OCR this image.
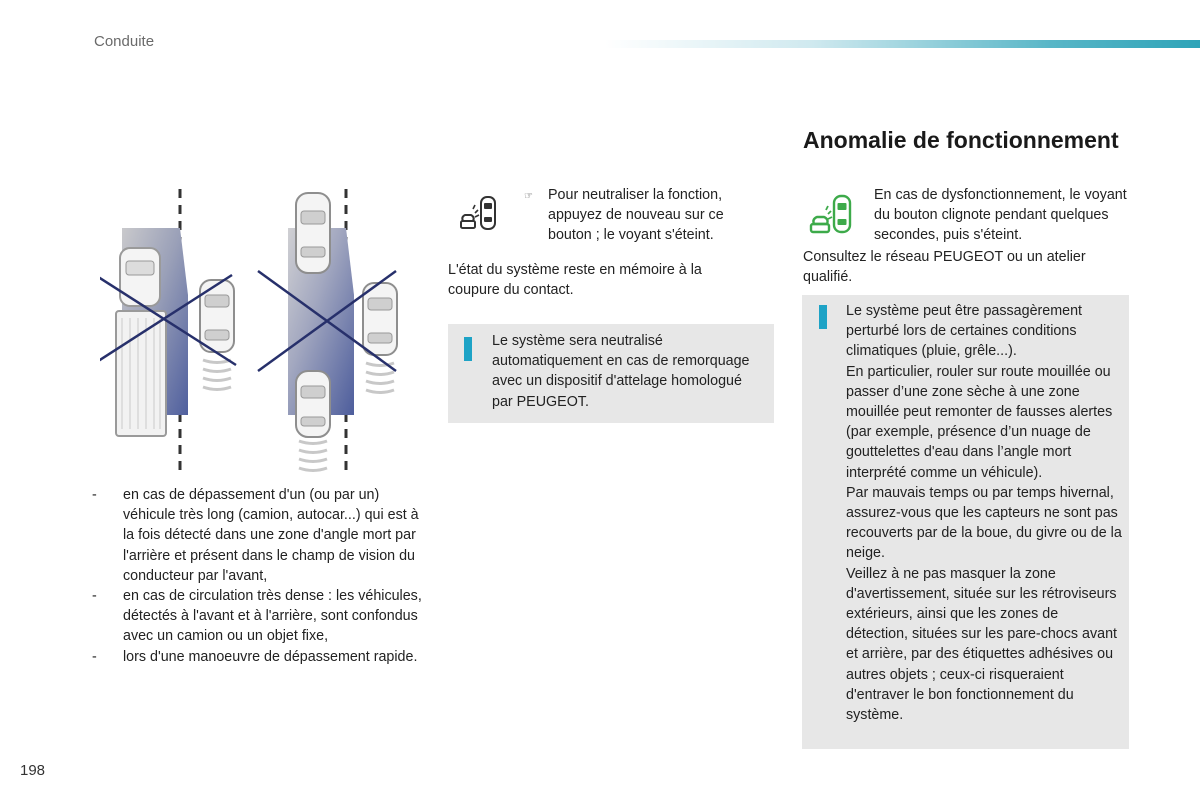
Conduite
- en cas de dépassement d'un (ou par un) véhicule très long (camion, autocar...) qui est à la fois détecté dans une zone d'angle mort par l'arrière et présent dans le champ de vision du conducteur par l'avant,
- en cas de circulation très dense : les véhicules, détectés à l'avant et à l'arrière, sont confondus avec un camion ou un objet fixe,
- lors d'une manoeuvre de dépassement rapide.
☞ Pour neutraliser la fonction, appuyez de nouveau sur ce bouton ; le voyant s'éteint.
L'état du système reste en mémoire à la coupure du contact.
Le système sera neutralisé automatiquement en cas de remorquage avec un dispositif d'attelage homologué par PEUGEOT.
Anomalie de fonctionnement
En cas de dysfonctionnement, le voyant du bouton clignote pendant quelques secondes, puis s'éteint.
Consultez le réseau PEUGEOT ou un atelier qualifié.
Le système peut être passagèrement perturbé lors de certaines conditions climatiques (pluie, grêle...).
En particulier, rouler sur route mouillée ou passer d’une zone sèche à une zone mouillée peut remonter de fausses alertes (par exemple, présence d’un nuage de gouttelettes d'eau dans l’angle mort interprété comme un véhicule).
Par mauvais temps ou par temps hivernal, assurez-vous que les capteurs ne sont pas recouverts par de la boue, du givre ou de la neige.
Veillez à ne pas masquer la zone d'avertissement, située sur les rétroviseurs extérieurs, ainsi que les zones de détection, situées sur les pare-chocs avant et arrière, par des étiquettes adhésives ou autres objets ; ceux-ci risqueraient d'entraver le bon fonctionnement du système.
198
